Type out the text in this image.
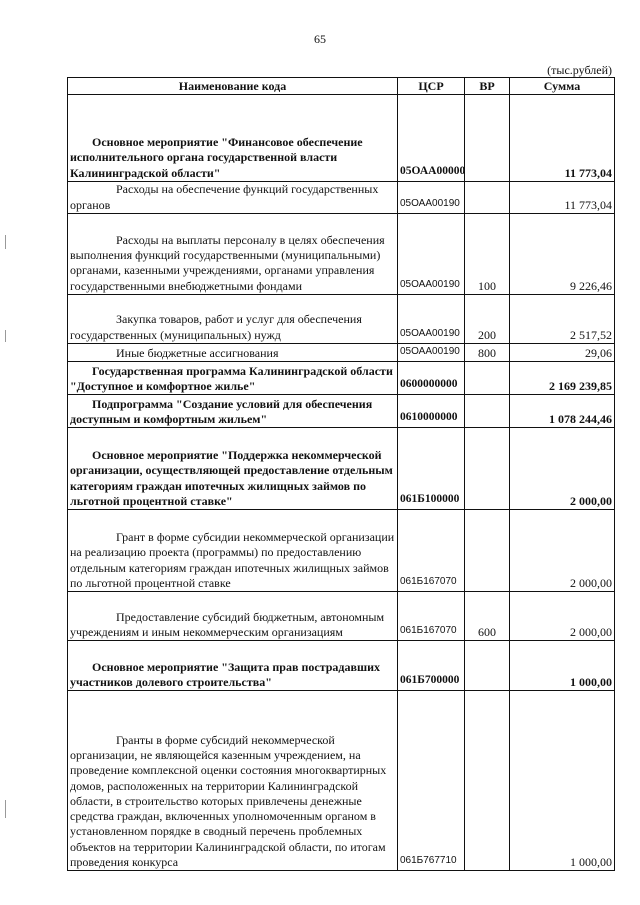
65
(тыс.рублей)
Наименование кода	ЦСР	ВР	Сумма
Основное мероприятие "Финансовое обеспечение исполнительного органа государственной власти Калининградской области"	05ОАА00000		11 773,04
Расходы на обеспечение функций государственных органов	05ОАА00190		11 773,04
Расходы на выплаты персоналу в целях обеспечения выполнения функций государственными (муниципальными) органами, казенными учреждениями, органами управления государственными внебюджетными фондами	05ОАА00190	100	9 226,46
Закупка товаров, работ и услуг для обеспечения государственных (муниципальных) нужд	05ОАА00190	200	2 517,52
Иные бюджетные ассигнования	05ОАА00190	800	29,06
Государственная программа Калининградской области "Доступное и комфортное жилье"	0600000000		2 169 239,85
Подпрограмма "Создание условий для обеспечения доступным и комфортным жильем"	0610000000		1 078 244,46
Основное мероприятие "Поддержка некоммерческой организации, осуществляющей предоставление отдельным категориям граждан ипотечных жилищных займов по льготной процентной ставке"	061Б100000		2 000,00
Грант в форме субсидии некоммерческой организации на реализацию проекта (программы) по предоставлению отдельным категориям граждан ипотечных жилищных займов по льготной процентной ставке	061Б167070		2 000,00
Предоставление субсидий бюджетным, автономным учреждениям и иным некоммерческим организациям	061Б167070	600	2 000,00
Основное мероприятие "Защита прав пострадавших участников долевого строительства"	061Б700000		1 000,00
Гранты в форме субсидий некоммерческой организации, не являющейся казенным учреждением, на проведение комплексной оценки состояния многоквартирных домов, расположенных на территории Калининградской области, в строительство которых привлечены денежные средства граждан, включенных уполномоченным органом в установленном порядке в сводный перечень проблемных объектов на территории Калининградской области, по итогам проведения конкурса	061Б767710		1 000,00
